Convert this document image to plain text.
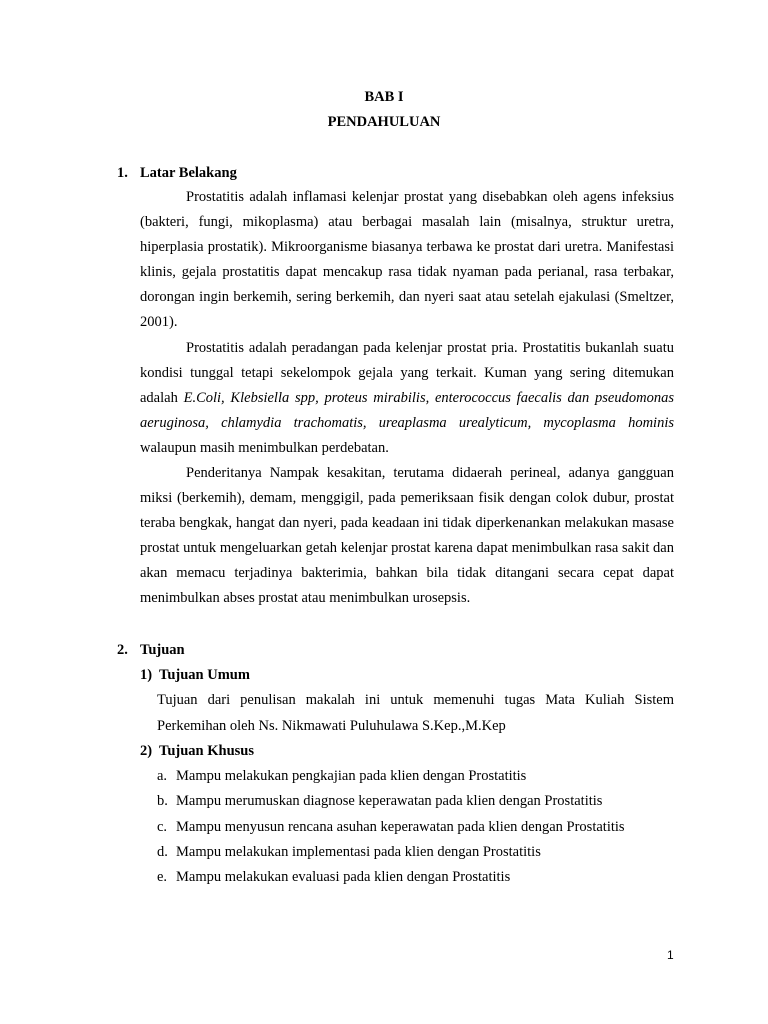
BAB I
PENDAHULUAN
1. Latar Belakang

Prostatitis adalah inflamasi kelenjar prostat yang disebabkan oleh agens infeksius (bakteri, fungi, mikoplasma) atau berbagai masalah lain (misalnya, struktur uretra, hiperplasia prostatik). Mikroorganisme biasanya terbawa ke prostat dari uretra. Manifestasi klinis, gejala prostatitis dapat mencakup rasa tidak nyaman pada perianal, rasa terbakar, dorongan ingin berkemih, sering berkemih, dan nyeri saat atau setelah ejakulasi (Smeltzer, 2001).

Prostatitis adalah peradangan pada kelenjar prostat pria. Prostatitis bukanlah suatu kondisi tunggal tetapi sekelompok gejala yang terkait. Kuman yang sering ditemukan adalah E.Coli, Klebsiella spp, proteus mirabilis, enterococcus faecalis dan pseudomonas aeruginosa, chlamydia trachomatis, ureaplasma urealyticum, mycoplasma hominis walaupun masih menimbulkan perdebatan.

Penderitanya Nampak kesakitan, terutama didaerah perineal, adanya gangguan miksi (berkemih), demam, menggigil, pada pemeriksaan fisik dengan colok dubur, prostat teraba bengkak, hangat dan nyeri, pada keadaan ini tidak diperkenankan melakukan masase prostat untuk mengeluarkan getah kelenjar prostat karena dapat menimbulkan rasa sakit dan akan memacu terjadinya bakterimia, bahkan bila tidak ditangani secara cepat dapat menimbulkan abses prostat atau menimbulkan urosepsis.

2. Tujuan
1) Tujuan Umum
Tujuan dari penulisan makalah ini untuk memenuhi tugas Mata Kuliah Sistem
Perkemihan oleh Ns. Nikmawati Puluhulawa S.Kep.,M.Kep
2) Tujuan Khusus
a. Mampu melakukan pengkajian pada klien dengan Prostatitis
b. Mampu merumuskan diagnose keperawatan pada klien dengan Prostatitis
c. Mampu menyusun rencana asuhan keperawatan pada klien dengan Prostatitis
d. Mampu melakukan implementasi pada klien dengan Prostatitis
e. Mampu melakukan evaluasi pada klien dengan Prostatitis
1
